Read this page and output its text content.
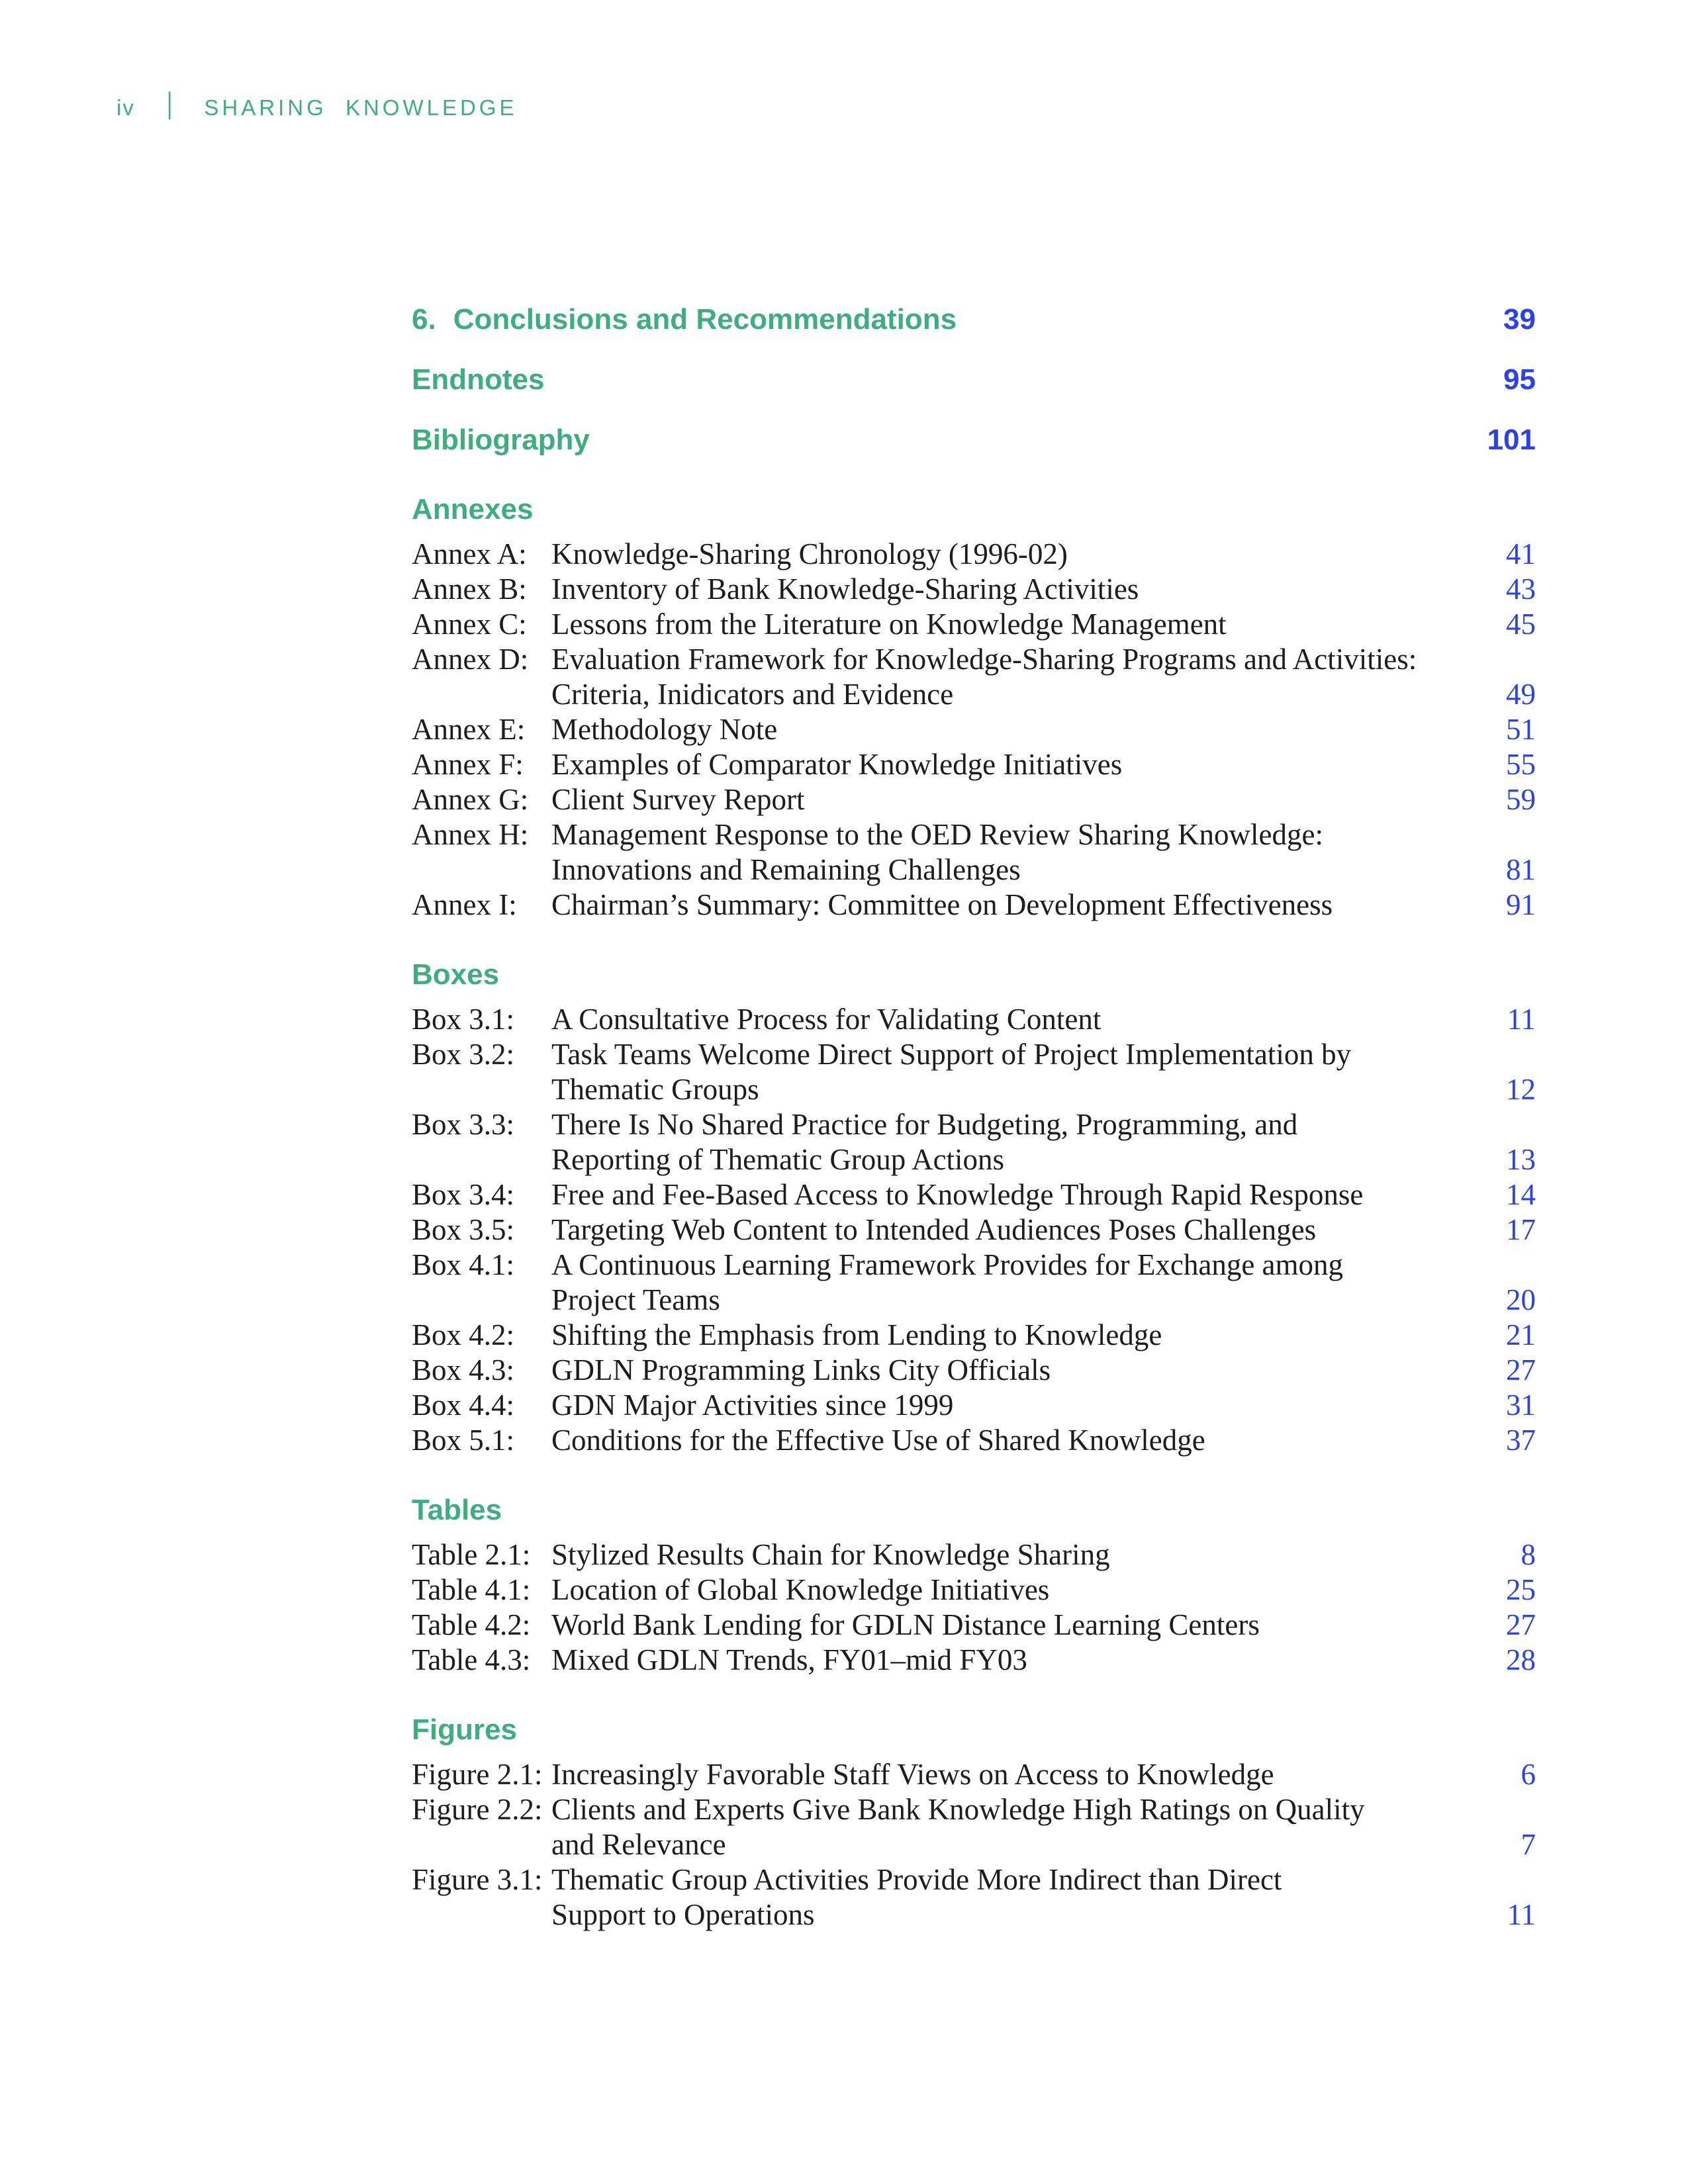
iv | SHARING KNOWLEDGE
6. Conclusions and Recommendations	39
Endnotes	95
Bibliography	101
Annexes
Annex A: Knowledge-Sharing Chronology (1996-02)	41
Annex B: Inventory of Bank Knowledge-Sharing Activities	43
Annex C: Lessons from the Literature on Knowledge Management	45
Annex D: Evaluation Framework for Knowledge-Sharing Programs and Activities:
Criteria, Inidicators and Evidence	49
Annex E: Methodology Note	51
Annex F: Examples of Comparator Knowledge Initiatives	55
Annex G: Client Survey Report	59
Annex H: Management Response to the OED Review Sharing Knowledge:
Innovations and Remaining Challenges	81
Annex I:	Chairman’s Summary: Committee on Development Effectiveness	91
Boxes
Box 3.1:	A Consultative Process for Validating Content	11
Box 3.2:	Task Teams Welcome Direct Support of Project Implementation by
Thematic Groups	12
Box 3.3:	There Is No Shared Practice for Budgeting, Programming, and
Reporting of Thematic Group Actions	13
Box 3.4:	Free and Fee-Based Access to Knowledge Through Rapid Response	14
Box 3.5:	Targeting Web Content to Intended Audiences Poses Challenges	17
Box 4.1:	A Continuous Learning Framework Provides for Exchange among
Project Teams	20
Box 4.2:	Shifting the Emphasis from Lending to Knowledge	21
Box 4.3:	GDLN Programming Links City Officials	27
Box 4.4:	GDN Major Activities since 1999	31
Box 5.1:	Conditions for the Effective Use of Shared Knowledge	37
Tables
Table 2.1: Stylized Results Chain for Knowledge Sharing	8
Table 4.1: Location of Global Knowledge Initiatives	25
Table 4.2: World Bank Lending for GDLN Distance Learning Centers	27
Table 4.3: Mixed GDLN Trends, FY01–mid FY03	28
Figures
Figure 2.1: Increasingly Favorable Staff Views on Access to Knowledge	6
Figure 2.2: Clients and Experts Give Bank Knowledge High Ratings on Quality
and Relevance	7
Figure 3.1: Thematic Group Activities Provide More Indirect than Direct
Support to Operations	11
